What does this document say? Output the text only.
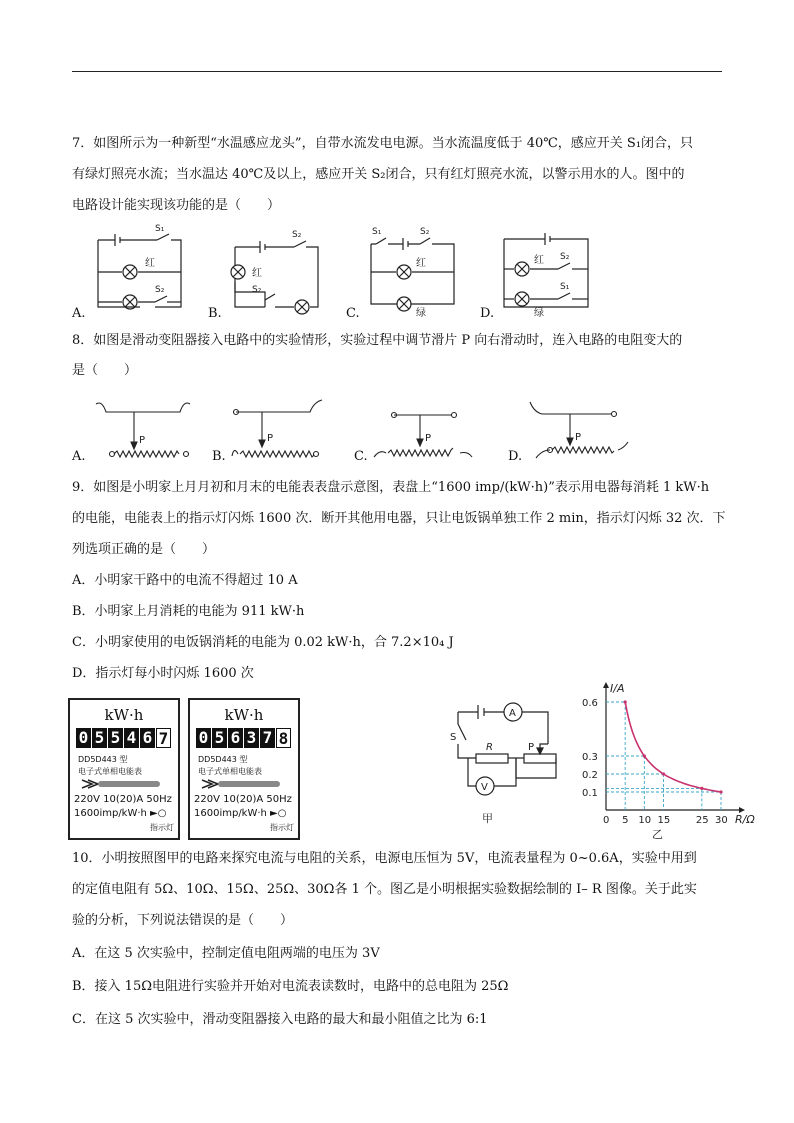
7．如图所示为一种新型“水温感应龙头”，自带水流发电电源。当水流温度低于 40℃，感应开关 S₁闭合，只
有绿灯照亮水流；当水温达 40℃及以上，感应开关 S₂闭合，只有红灯照亮水流，以警示用水的人。图中的
电路设计能实现该功能的是（　　）
A.	B.	C.	D.
S₁
红
S₂
S₂
红
S₂
S₁	S₂
红
绿
红 S₂
绿
S₁
8．如图是滑动变阻器接入电路中的实验情形，实验过程中调节滑片 P 向右滑动时，连入电路的电阻变大的
是（　　）
A.	B.	C.	D.
P	P	P	P
9．如图是小明家上月月初和月末的电能表表盘示意图，表盘上“1600 imp/(kW·h)”表示用电器每消耗 1 kW·h
的电能，电能表上的指示灯闪烁 1600 次．断开其他用电器，只让电饭锅单独工作 2 min，指示灯闪烁 32 次．下
列选项正确的是（　　）
A．小明家干路中的电流不得超过 10 A
B．小明家上月消耗的电能为 911 kW·h
C．小明家使用的电饭锅消耗的电能为 0.02 kW·h，合 7.2×10₄ J
D．指示灯每小时闪烁 1600 次
kW·h
0 5 5 4 6 7
DD5D443 型
电子式单相电能表
220V 10(20)A 50Hz
1600imp/kW·h ►○
指示灯
kW·h
0 5 6 3 7 8
DD5D443 型
电子式单相电能表
220V 10(20)A 50Hz
1600imp/kW·h ►○
指示灯
A
S
R	P
V
甲
0.6
0.3
0.2
0.1
0 5 10 15	25 30
I/A
R/Ω
乙
10．小明按照图甲的电路来探究电流与电阻的关系，电源电压恒为 5V，电流表量程为 0~0.6A，实验中用到
的定值电阻有 5Ω、10Ω、15Ω、25Ω、30Ω各 1 个。图乙是小明根据实验数据绘制的 I– R 图像。关于此实
验的分析，下列说法错误的是（　　）
A．在这 5 次实验中，控制定值电阻两端的电压为 3V
B．接入 15Ω电阻进行实验并开始对电流表读数时，电路中的总电阻为 25Ω
C．在这 5 次实验中，滑动变阻器接入电路的最大和最小阻值之比为 6:1
